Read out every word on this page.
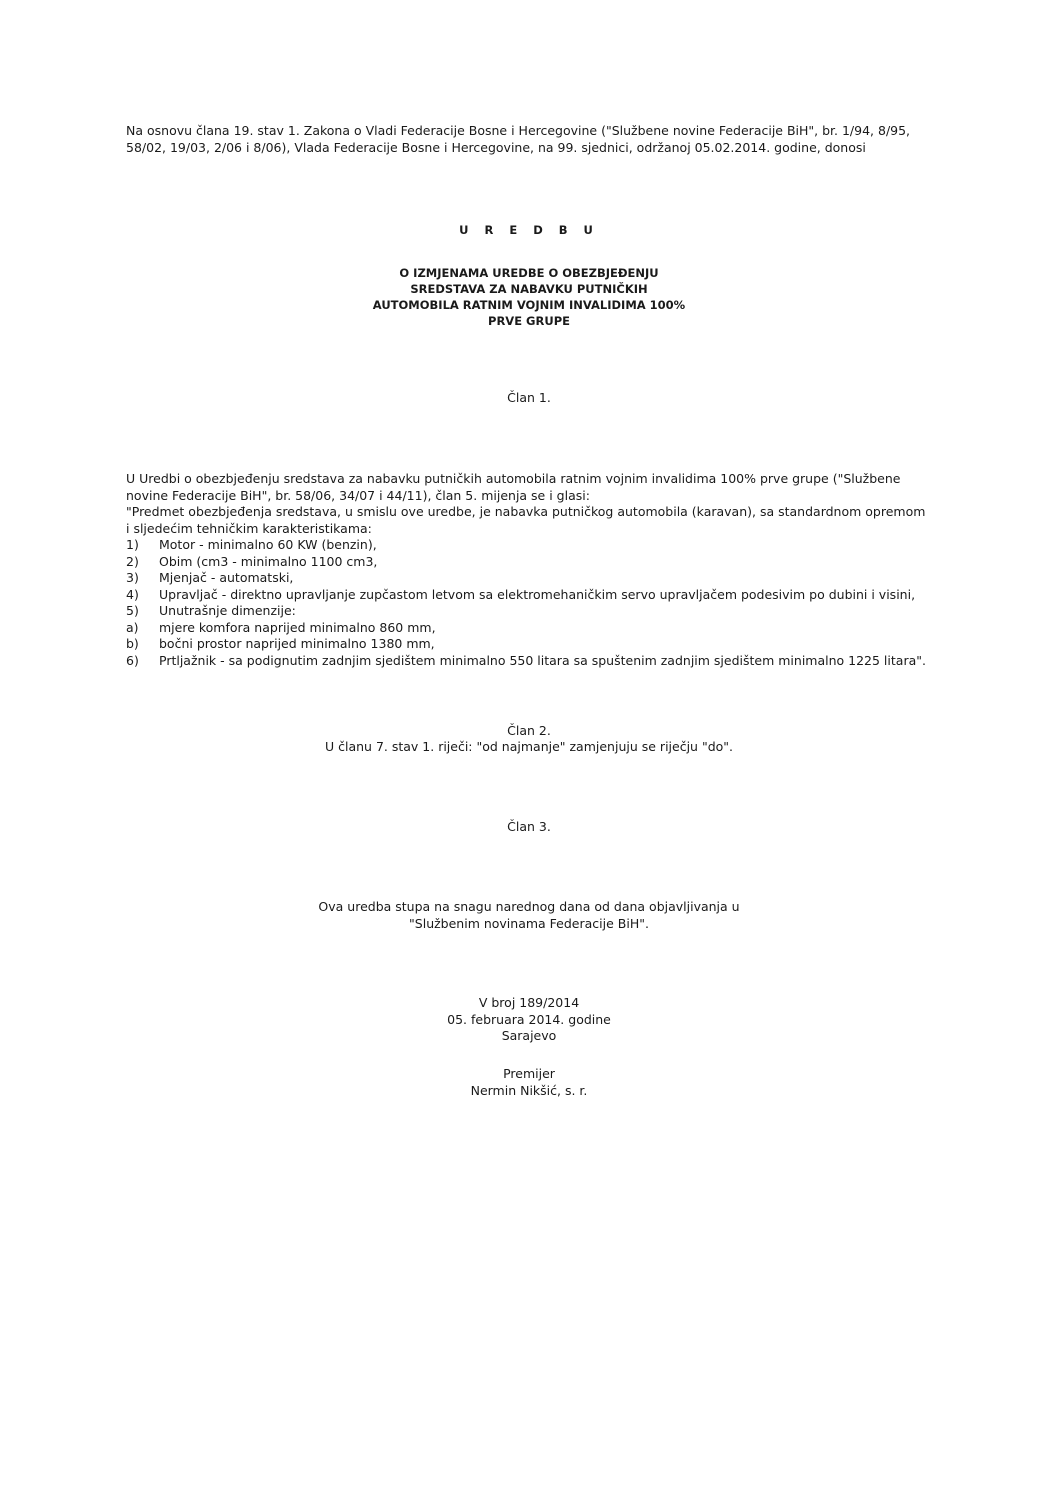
Na osnovu člana 19. stav 1. Zakona o Vladi Federacije Bosne i Hercegovine ("Službene novine Federacije BiH", br. 1/94, 8/95, 58/02, 19/03, 2/06 i 8/06), Vlada Federacije Bosne i Hercegovine, na 99. sjednici, održanoj 05.02.2014. godine, donosi

U R E D B U
O IZMJENAMA UREDBE O OBEZBJEĐENJU
SREDSTAVA ZA NABAVKU PUTNIČKIH
AUTOMOBILA RATNIM VOJNIM INVALIDIMA 100%
PRVE GRUPE
Član 1.

U Uredbi o obezbjeđenju sredstava za nabavku putničkih automobila ratnim vojnim invalidima 100% prve grupe ("Službene novine Federacije BiH", br. 58/06, 34/07 i 44/11), član 5. mijenja se i glasi:

"Predmet obezbjeđenja sredstava, u smislu ove uredbe, je nabavka putničkog automobila (karavan), sa standardnom opremom i sljedećim tehničkim karakteristikama:

1)	Motor - minimalno 60 KW (benzin),
2)	Obim (cm3 - minimalno 1100 cm3,
3)	Mjenjač - automatski,
4)	Upravljač - direktno upravljanje zupčastom letvom sa elektromehaničkim servo upravljačem podesivim po dubini i visini,
5)	Unutrašnje dimenzije:
a)	mjere komfora naprijed minimalno 860 mm,
b)	bočni prostor naprijed minimalno 1380 mm,
6)	Prtljažnik - sa podignutim zadnjim sjedištem minimalno 550 litara sa spuštenim zadnjim sjedištem minimalno 1225 litara".
Član 2.
U članu 7. stav 1. riječi: "od najmanje" zamjenjuju se riječju "do".
Član 3.
Ova uredba stupa na snagu narednog dana od dana objavljivanja u
"Službenim novinama Federacije BiH".
V broj 189/2014
05. februara 2014. godine
Sarajevo
Premijer
Nermin Nikšić, s. r.
